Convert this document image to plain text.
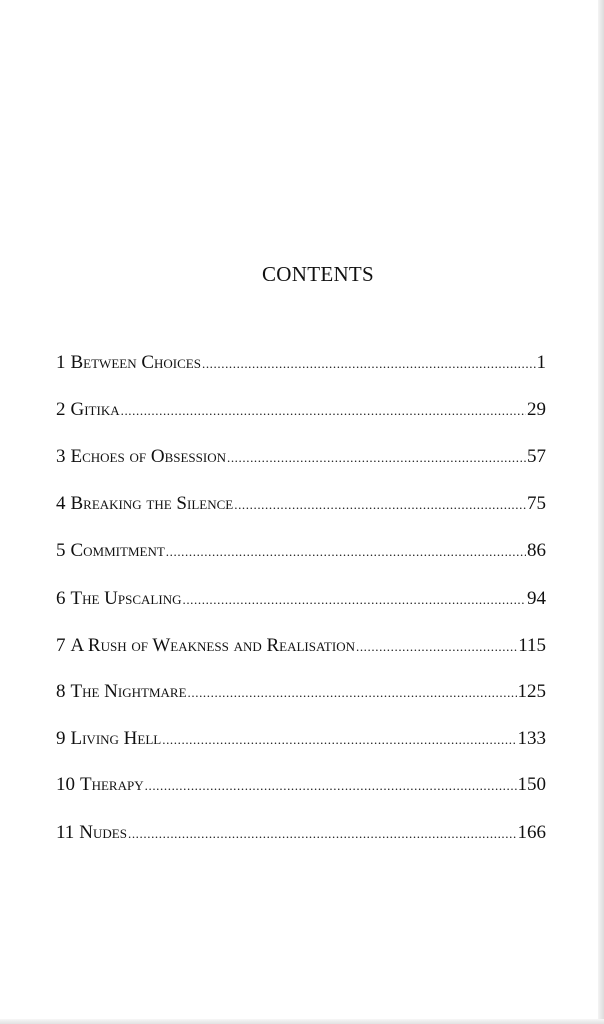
CONTENTS
1 Between Choices .....	1
2 Gitika .....	29
3 Echoes of Obsession .....	57
4 Breaking the Silence .....	75
5 Commitment .....	86
6 The Upscaling .....	94
7 A Rush of Weakness and Realisation .....	115
8 The Nightmare .....	125
9 Living Hell .....	133
10 Therapy .....	150
11 Nudes .....	166
